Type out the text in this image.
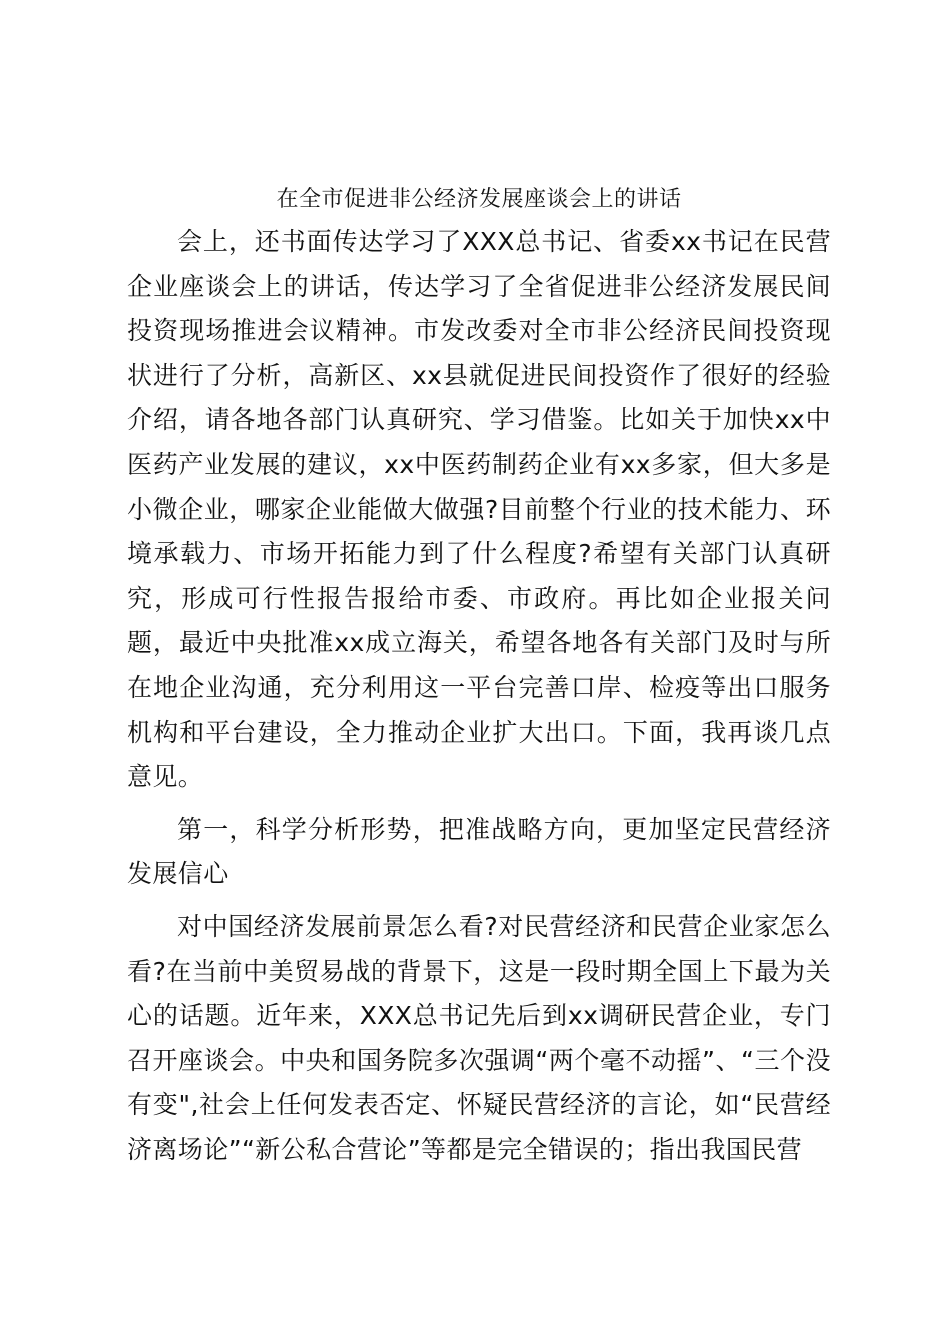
在全市促进非公经济发展座谈会上的讲话

会上，还书面传达学习了XXX总书记、省委xx书记在民营企业座谈会上的讲话，传达学习了全省促进非公经济发展民间投资现场推进会议精神。市发改委对全市非公经济民间投资现状进行了分析，高新区、xx县就促进民间投资作了很好的经验介绍，请各地各部门认真研究、学习借鉴。比如关于加快xx中医药产业发展的建议，xx中医药制药企业有xx多家，但大多是小微企业，哪家企业能做大做强?目前整个行业的技术能力、环境承载力、市场开拓能力到了什么程度?希望有关部门认真研究，形成可行性报告报给市委、市政府。再比如企业报关问题，最近中央批准xx成立海关，希望各地各有关部门及时与所在地企业沟通，充分利用这一平台完善口岸、检疫等出口服务机构和平台建设，全力推动企业扩大出口。下面，我再谈几点意见。

第一，科学分析形势，把准战略方向，更加坚定民营经济发展信心

对中国经济发展前景怎么看?对民营经济和民营企业家怎么看?在当前中美贸易战的背景下，这是一段时期全国上下最为关心的话题。近年来，XXX总书记先后到xx调研民营企业，专门召开座谈会。中央和国务院多次强调“两个毫不动摇”、“三个没有变",社会上任何发表否定、怀疑民营经济的言论，如“民营经济离场论”“新公私合营论”等都是完全错误的；指出我国民营
